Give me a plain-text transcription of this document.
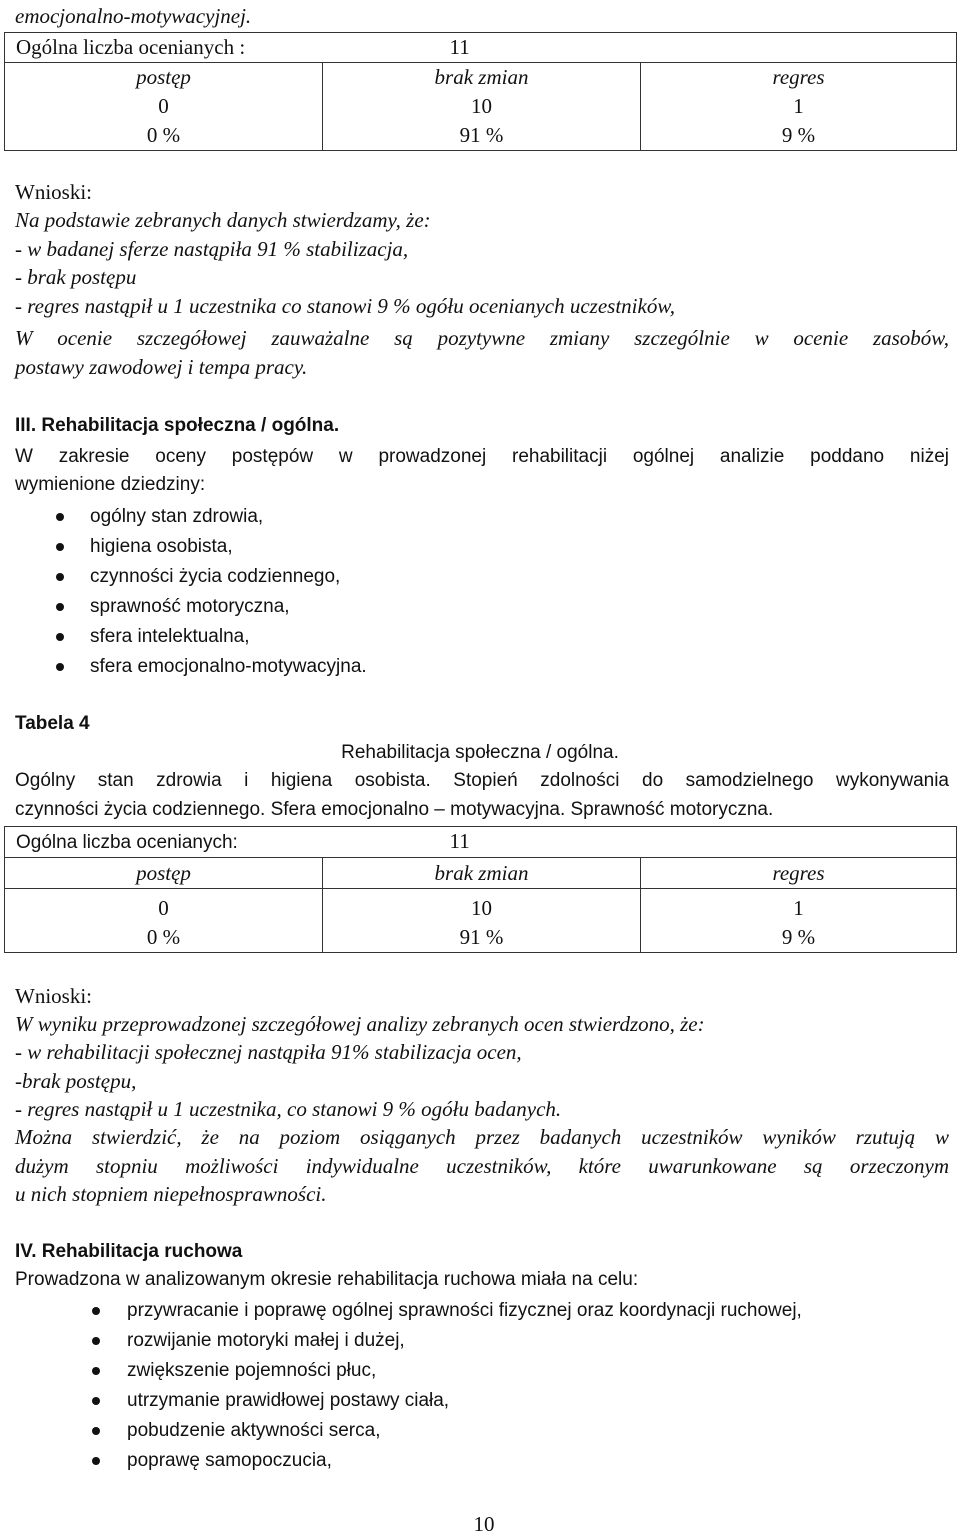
emocjonalno-motywacyjnej.
Ogólna liczba ocenianych : 11		

postęp	brak zmian	regres
0	10	1
0 %	91 %	9 %
Wnioski:
Na podstawie zebranych danych stwierdzamy, że:
- w badanej sferze nastąpiła 91 % stabilizacja,
- brak postępu
- regres nastąpił u 1 uczestnika co stanowi 9 % ogółu ocenianych uczestników,
W ocenie szczegółowej zauważalne są pozytywne zmiany szczególnie w ocenie zasobów,
postawy zawodowej i tempa pracy.
III. Rehabilitacja społeczna / ogólna.
W zakresie oceny postępów w prowadzonej rehabilitacji ogólnej analizie poddano niżej
wymienione dziedziny:
ogólny stan zdrowia,
higiena osobista,
czynności życia codziennego,
sprawność motoryczna,
sfera intelektualna,
sfera emocjonalno-motywacyjna.
Tabela 4
Rehabilitacja społeczna / ogólna.
Ogólny stan zdrowia i higiena osobista. Stopień zdolności do samodzielnego wykonywania
czynności życia codziennego. Sfera emocjonalno – motywacyjna. Sprawność motoryczna.
Ogólna liczba ocenianych: 11		

postęp	brak zmian	regres
0	10	1
0 %	91 %	9 %
Wnioski:
W wyniku przeprowadzonej szczegółowej analizy zebranych ocen stwierdzono, że:
- w rehabilitacji społecznej nastąpiła 91% stabilizacja ocen,
-brak postępu,
- regres nastąpił u 1 uczestnika, co stanowi 9 % ogółu badanych.
Można stwierdzić, że na poziom osiąganych przez badanych uczestników wyników rzutują w
dużym stopniu możliwości indywidualne uczestników, które uwarunkowane są orzeczonym
u nich stopniem niepełnosprawności.
IV. Rehabilitacja ruchowa
Prowadzona w analizowanym okresie rehabilitacja ruchowa miała na celu:
przywracanie i poprawę ogólnej sprawności fizycznej oraz koordynacji ruchowej,
rozwijanie motoryki małej i dużej,
zwiększenie pojemności płuc,
utrzymanie prawidłowej postawy ciała,
pobudzenie aktywności serca,
poprawę samopoczucia,
10
